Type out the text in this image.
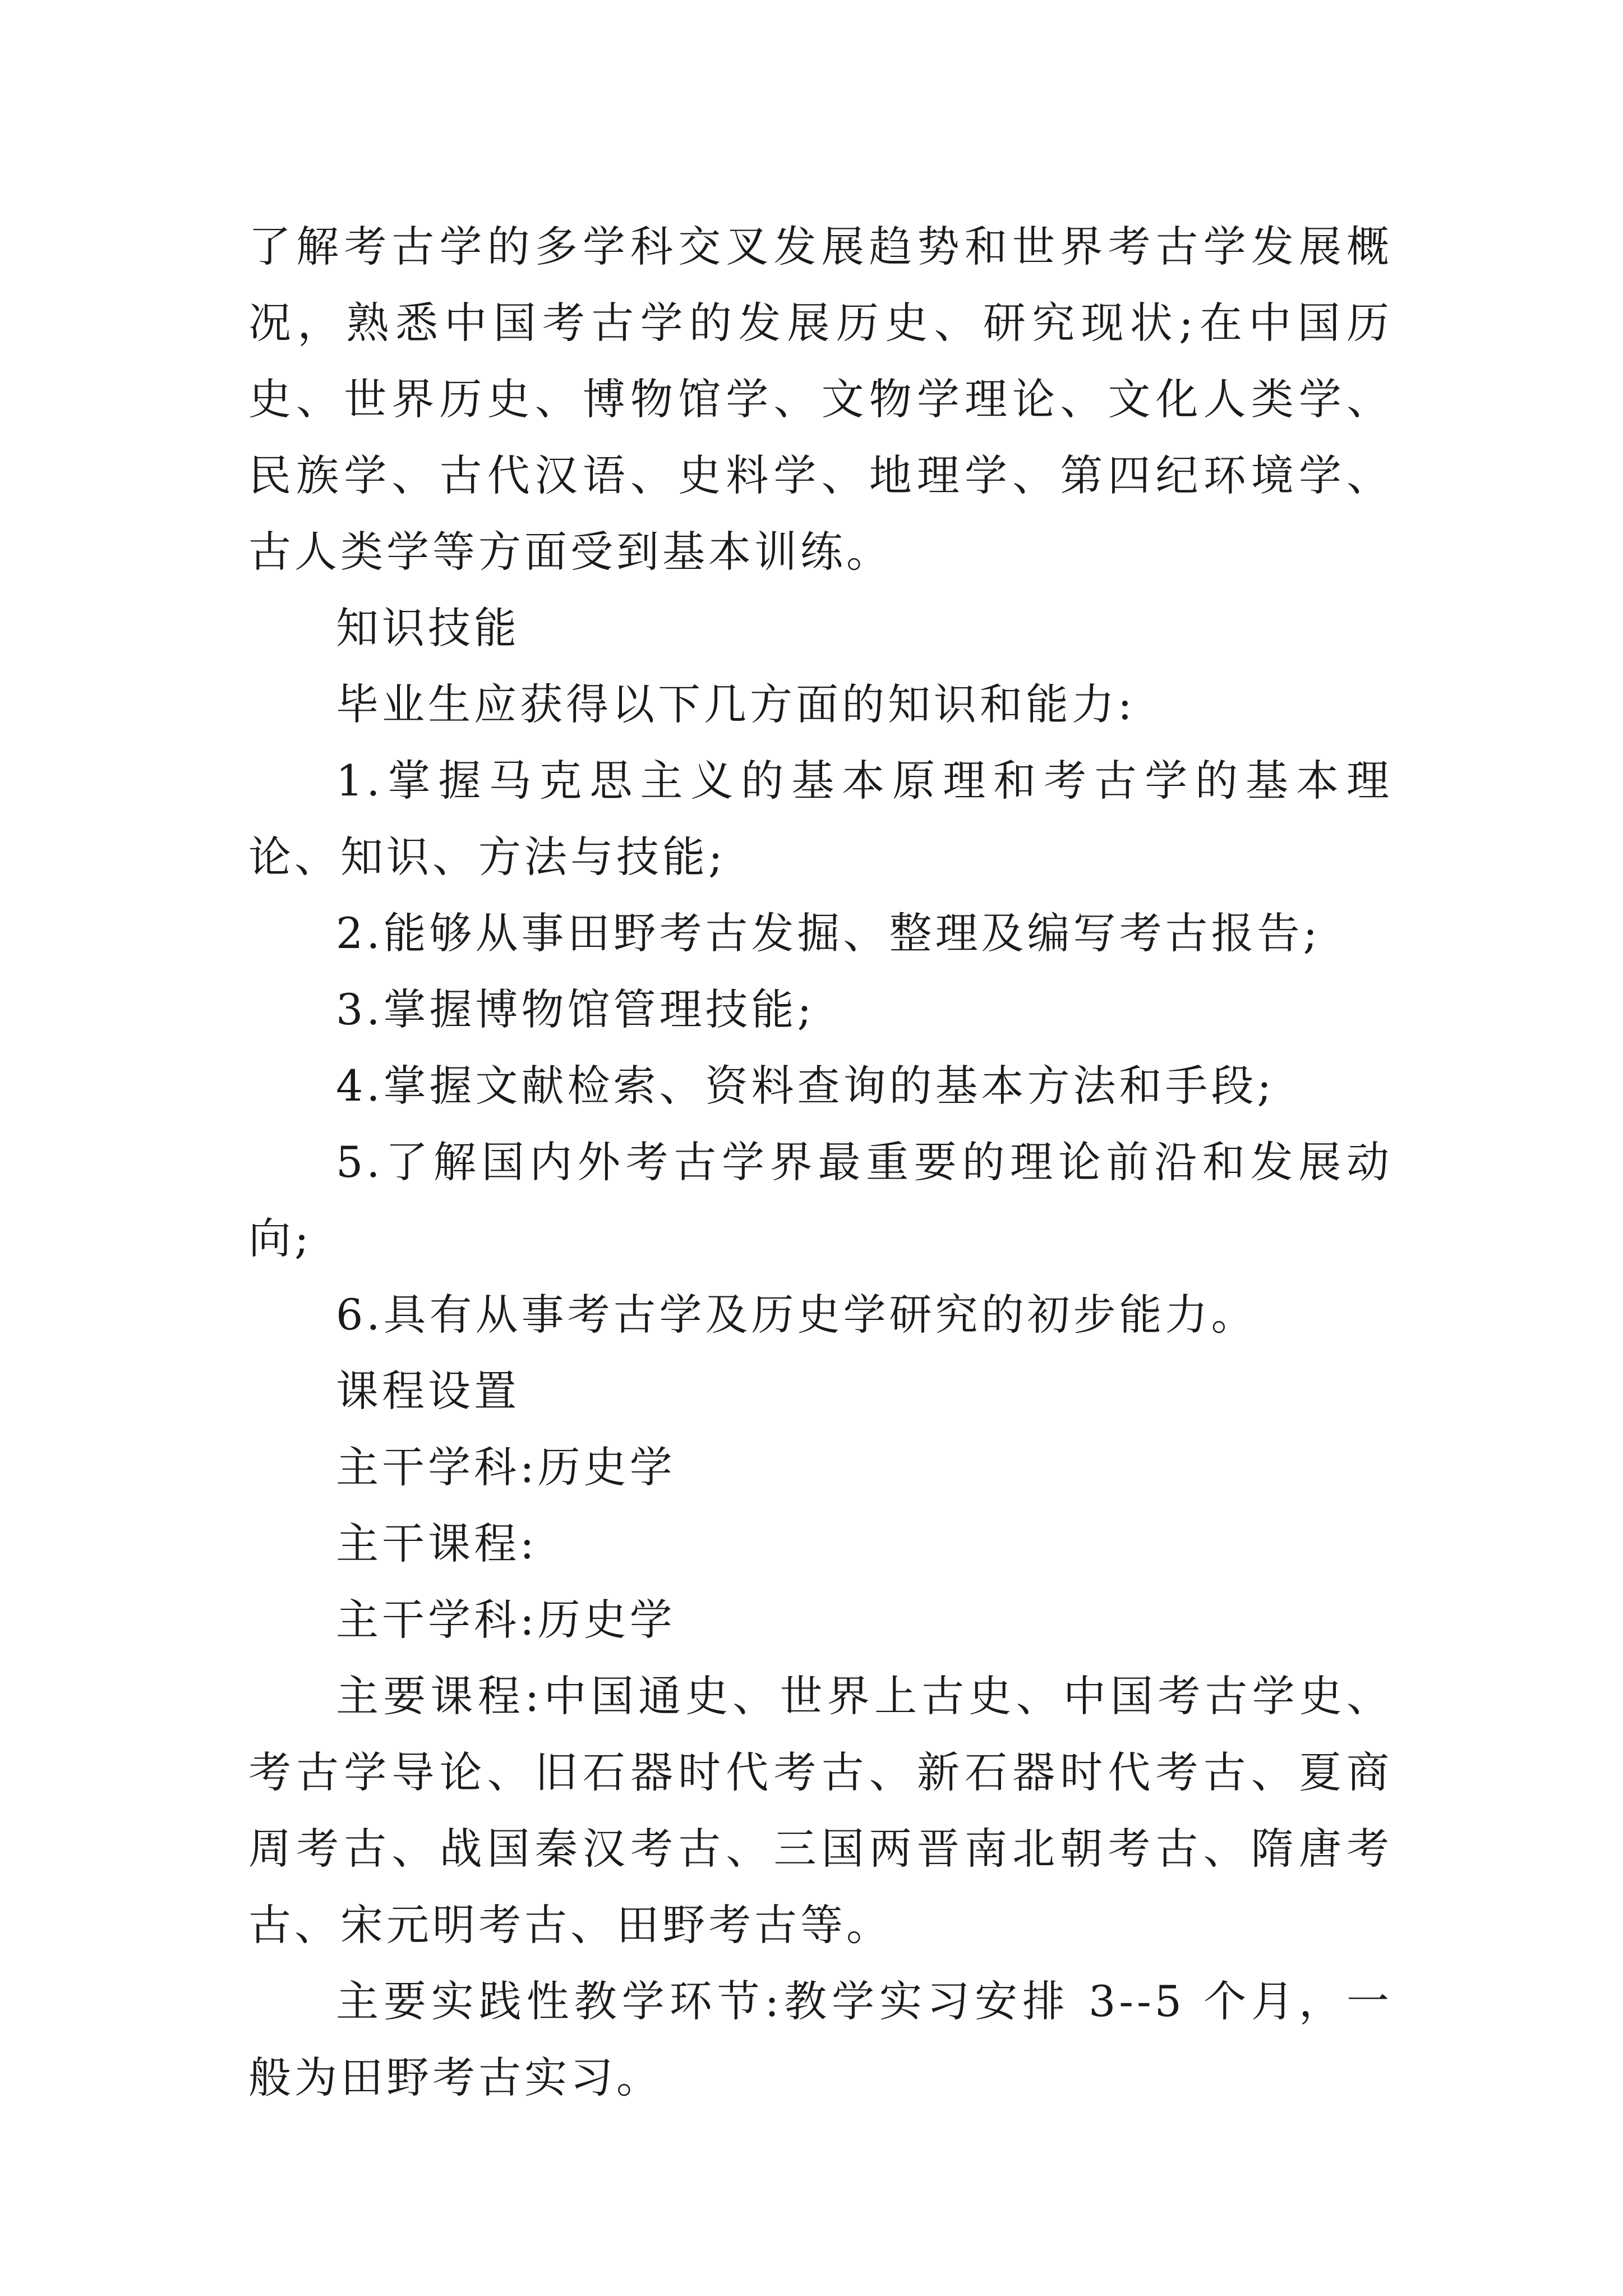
了解考古学的多学科交叉发展趋势和世界考古学发展概况，熟悉中国考古学的发展历史、研究现状;在中国历史、世界历史、博物馆学、文物学理论、文化人类学、民族学、古代汉语、史料学、地理学、第四纪环境学、古人类学等方面受到基本训练。

知识技能

毕业生应获得以下几方面的知识和能力:

1.掌握马克思主义的基本原理和考古学的基本理论、知识、方法与技能;

2.能够从事田野考古发掘、整理及编写考古报告;

3.掌握博物馆管理技能;

4.掌握文献检索、资料查询的基本方法和手段;

5.了解国内外考古学界最重要的理论前沿和发展动向;

6.具有从事考古学及历史学研究的初步能力。

课程设置

主干学科:历史学

主干课程:

主干学科:历史学

主要课程:中国通史、世界上古史、中国考古学史、考古学导论、旧石器时代考古、新石器时代考古、夏商周考古、战国秦汉考古、三国两晋南北朝考古、隋唐考古、宋元明考古、田野考古等。

主要实践性教学环节:教学实习安排 3--5 个月，一般为田野考古实习。
